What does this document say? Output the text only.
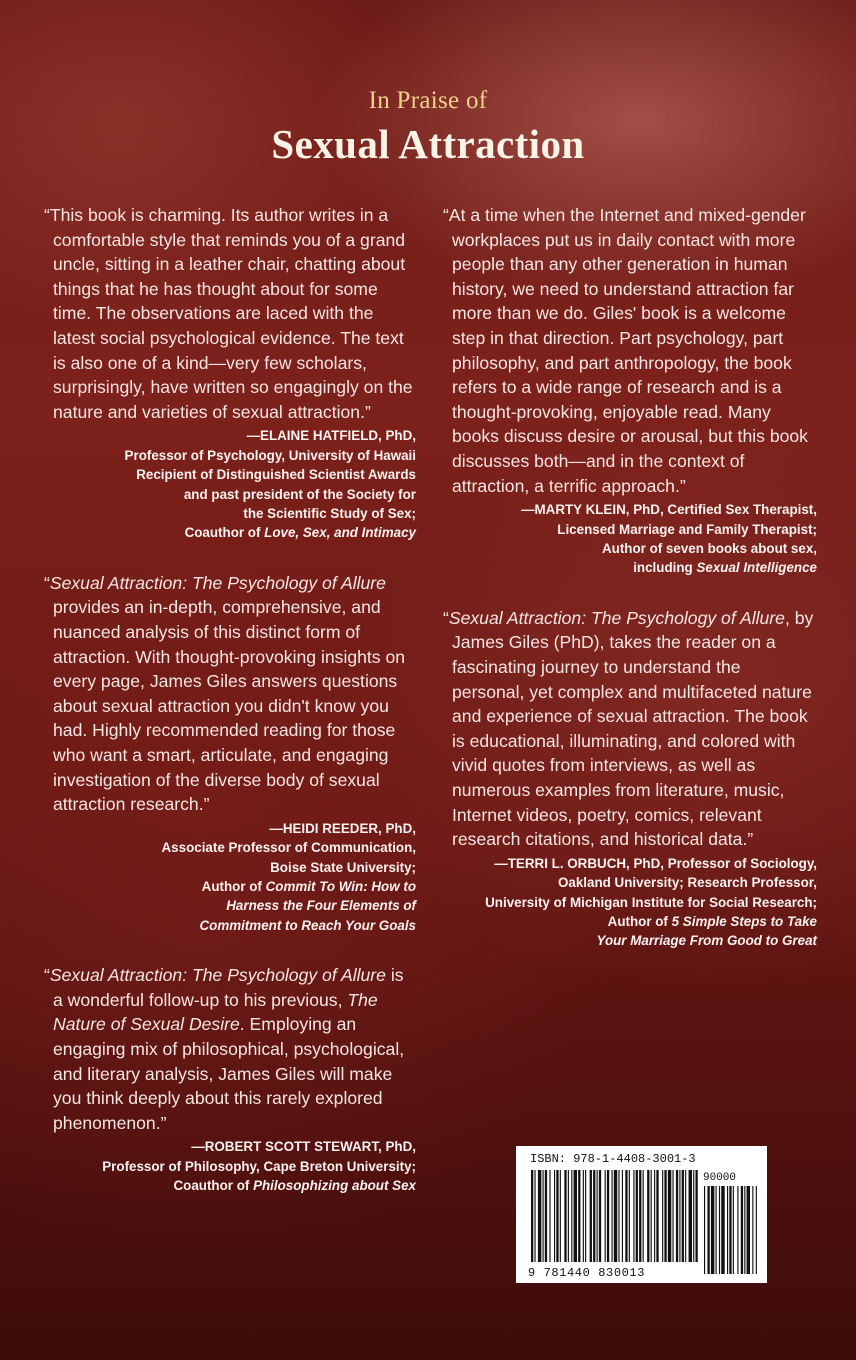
In Praise of
Sexual Attraction

“This book is charming. Its author writes in a comfortable style that reminds you of a grand uncle, sitting in a leather chair, chatting about things that he has thought about for some time. The observations are laced with the latest social psychological evidence. The text is also one of a kind—very few scholars, surprisingly, have written so engagingly on the nature and varieties of sexual attraction.”

—ELAINE HATFIELD, PhD,
Professor of Psychology, University of Hawaii
Recipient of Distinguished Scientist Awards
and past president of the Society for
the Scientific Study of Sex;
Coauthor of Love, Sex, and Intimacy

“Sexual Attraction: The Psychology of Allure provides an in-depth, comprehensive, and nuanced analysis of this distinct form of attraction. With thought-provoking insights on every page, James Giles answers questions about sexual attraction you didn't know you had. Highly recommended reading for those who want a smart, articulate, and engaging investigation of the diverse body of sexual attraction research.”

—HEIDI REEDER, PhD,
Associate Professor of Communication,
Boise State University;
Author of Commit To Win: How to
Harness the Four Elements of
Commitment to Reach Your Goals

“Sexual Attraction: The Psychology of Allure is a wonderful follow-up to his previous, The Nature of Sexual Desire. Employing an engaging mix of philosophical, psychological, and literary analysis, James Giles will make you think deeply about this rarely explored phenomenon.”

—ROBERT SCOTT STEWART, PhD,
Professor of Philosophy, Cape Breton University;
Coauthor of Philosophizing about Sex

“At a time when the Internet and mixed-gender workplaces put us in daily contact with more people than any other generation in human history, we need to understand attraction far more than we do. Giles' book is a welcome step in that direction. Part psychology, part philosophy, and part anthropology, the book refers to a wide range of research and is a thought-provoking, enjoyable read. Many books discuss desire or arousal, but this book discusses both—and in the context of attraction, a terrific approach.”

—MARTY KLEIN, PhD, Certified Sex Therapist,
Licensed Marriage and Family Therapist;
Author of seven books about sex,
including Sexual Intelligence

“Sexual Attraction: The Psychology of Allure, by James Giles (PhD), takes the reader on a fascinating journey to understand the personal, yet complex and multifaceted nature and experience of sexual attraction. The book is educational, illuminating, and colored with vivid quotes from interviews, as well as numerous examples from literature, music, Internet videos, poetry, comics, relevant research citations, and historical data.”

—TERRI L. ORBUCH, PhD, Professor of Sociology,
Oakland University; Research Professor,
University of Michigan Institute for Social Research;
Author of 5 Simple Steps to Take
Your Marriage From Good to Great
ISBN: 978-1-4408-3001-3
90000
9 781440 830013
